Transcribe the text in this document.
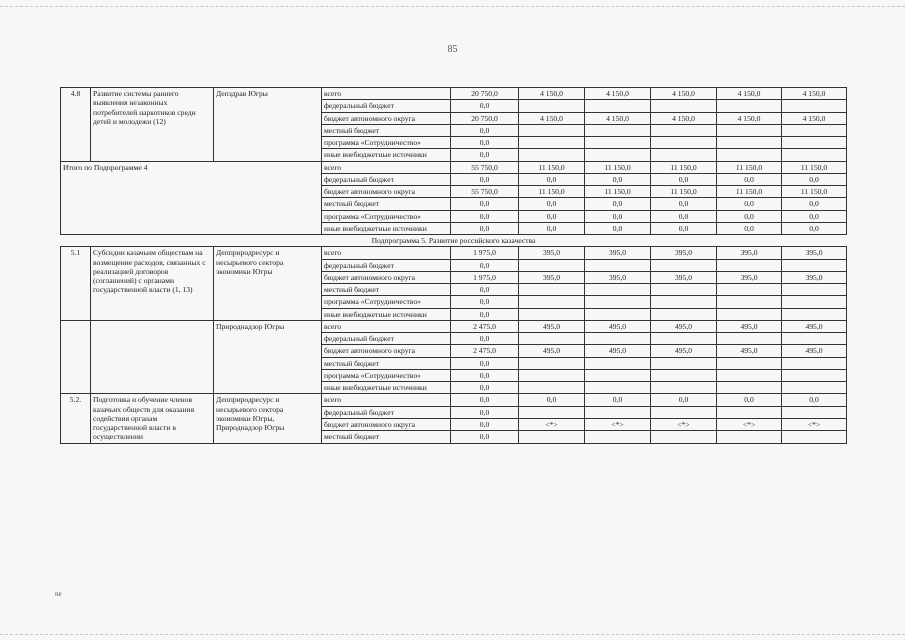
85
4.8	Развитие системы раннего выявления незаконных потребителей наркотиков среди детей и молодежи (12)	Депздрав Югры	всего	20 750,0	4 150,0	4 150,0	4 150,0	4 150,0	4 150,0
			федеральный бюджет	0,0					
			бюджет автономного округа	20 750,0	4 150,0	4 150,0	4 150,0	4 150,0	4 150,0
			местный бюджет	0,0					
			программа «Сотрудничество»	0,0					
			иные внебюджетные источники	0,0					
Итого по Подпрограмме 4			всего	55 750,0	11 150,0	11 150,0	11 150,0	11 150,0	11 150,0
			федеральный бюджет	0,0	0,0	0,0	0,0	0,0	0,0
			бюджет автономного округа	55 750,0	11 150,0	11 150,0	11 150,0	11 150,0	11 150,0
			местный бюджет	0,0	0,0	0,0	0,0	0,0	0,0
			программа «Сотрудничество»	0,0	0,0	0,0	0,0	0,0	0,0
			иные внебюджетные источники	0,0	0,0	0,0	0,0	0,0	0,0
Подпрограмма 5. Развитие российского казачества									
5.1	Субсидии казачьим обществам на возмещение расходов, связанных с реализацией договоров (соглашений) с органами государственной власти (1, 13)	Депприродресурс и несырьевого сектора экономики Югры	всего	1 975,0	395,0	395,0	395,0	395,0	395,0
			федеральный бюджет	0,0					
			бюджет автономного округа	1 975,0	395,0	395,0	395,0	395,0	395,0
			местный бюджет	0,0					
			программа «Сотрудничество»	0,0					
			иные внебюджетные источники	0,0					
		Природнадзор Югры	всего	2 475,0	495,0	495,0	495,0	495,0	495,0
			федеральный бюджет	0,0					
			бюджет автономного округа	2 475,0	495,0	495,0	495,0	495,0	495,0
			местный бюджет	0,0					
			программа «Сотрудничество»	0,0					
			иные внебюджетные источники	0,0					
5.2.	Подготовка и обучение членов казачьих обществ для оказания содействия органам государственной власти в осуществлении	Депприродресурс и несырьевого сектора экономики Югры, Природнадзор Югры	всего	0,0	0,0	0,0	0,0	0,0	0,0
			федеральный бюджет	0,0					
			бюджет автономного округа	0,0	<*>	<*>	<*>	<*>	<*>
			местный бюджет	0,0					
ne
